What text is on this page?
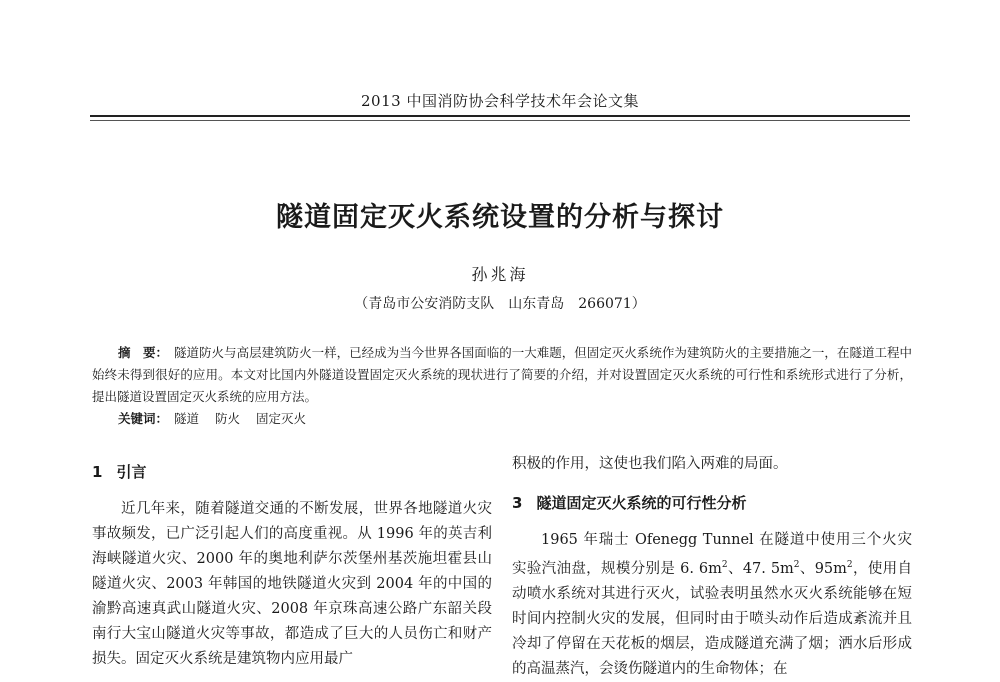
2013 中国消防协会科学技术年会论文集
隧道固定灭火系统设置的分析与探讨
孙兆海
（青岛市公安消防支队　山东青岛　266071）
摘　要： 隧道防火与高层建筑防火一样，已经成为当今世界各国面临的一大难题，但固定灭火系统作为建筑防火的主要措施之一，在隧道工程中始终未得到很好的应用。本文对比国内外隧道设置固定灭火系统的现状进行了简要的介绍，并对设置固定灭火系统的可行性和系统形式进行了分析，提出隧道设置固定灭火系统的应用方法。
关键词： 隧道 防火 固定灭火
1 引言

近几年来，随着隧道交通的不断发展，世界各地隧道火灾事故频发，已广泛引起人们的高度重视。从 1996 年的英吉利海峡隧道火灾、2000 年的奥地利萨尔茨堡州基茨施坦霍县山隧道火灾、2003 年韩国的地铁隧道火灾到 2004 年的中国的渝黔高速真武山隧道火灾、2008 年京珠高速公路广东韶关段南行大宝山隧道火灾等事故，都造成了巨大的人员伤亡和财产损失。固定灭火系统是建筑物内应用最广

积极的作用，这使也我们陷入两难的局面。

3 隧道固定灭火系统的可行性分析

1965 年瑞士 Ofenegg Tunnel 在隧道中使用三个火灾实验汽油盘，规模分别是 6. $6m^2$、47. $5m^2$、$95m^2$，使用自动喷水系统对其进行灭火，试验表明虽然水灭火系统能够在短时间内控制火灾的发展，但同时由于喷头动作后造成紊流并且冷却了停留在天花板的烟层，造成隧道充满了烟；洒水后形成的高温蒸汽，会烫伤隧道内的生命物体；在
